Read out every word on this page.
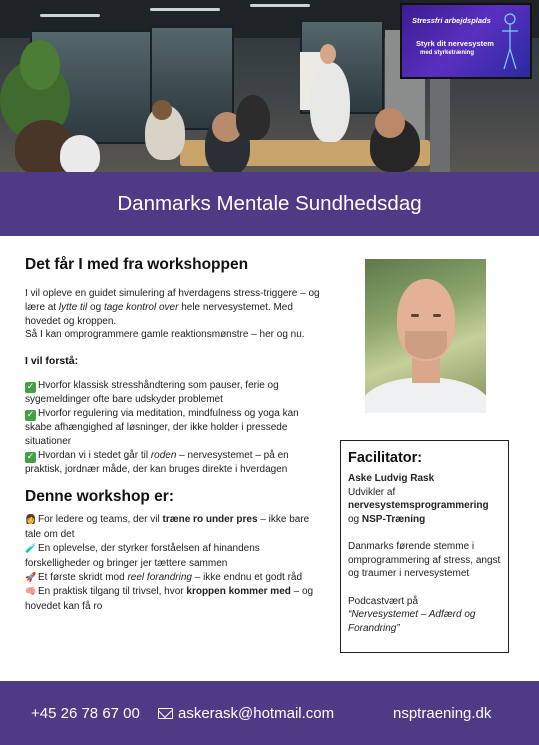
Stressfri arbejdsplads
Styrk dit nervesystem
med styrketræning
Danmarks Mentale Sundhedsdag

Det får I med fra workshoppen

I vil opleve en guidet simulering af hverdagens stress-triggere – og lære at lytte til og tage kontrol over hele nervesystemet. Med hovedet og kroppen.

Så I kan omprogrammere gamle reaktionsmønstre – her og nu.

I vil forstå:

✓ Hvorfor klassisk stresshåndtering som pauser, ferie og sygemeldinger ofte bare udskyder problemet

✓ Hvorfor regulering via meditation, mindfulness og yoga kan skabe afhængighed af løsninger, der ikke holder i pressede situationer

✓ Hvordan vi i stedet går til roden – nervesystemet – på en praktisk, jordnær måde, der kan bruges direkte i hverdagen

Denne workshop er:

👩 For ledere og teams, der vil træne ro under pres – ikke bare tale om det

🧪 En oplevelse, der styrker forståelsen af hinandens forskelligheder og bringer jer tættere sammen

🚀 Et første skridt mod reel forandring – ikke endnu et godt råd

🧠 En praktisk tilgang til trivsel, hvor kroppen kommer med – og hovedet kan få ro

Facilitator:

Aske Ludvig Rask

Udvikler af

nervesystemsprogrammering

og NSP-Træning

Danmarks førende stemme i omprogrammering af stress, angst og traumer i nervesystemet

Podcastvært på

“Nervesystemet – Adfærd og Forandring”

+45 26 78 67 00	askerask@hotmail.com	nsptraening.dk
